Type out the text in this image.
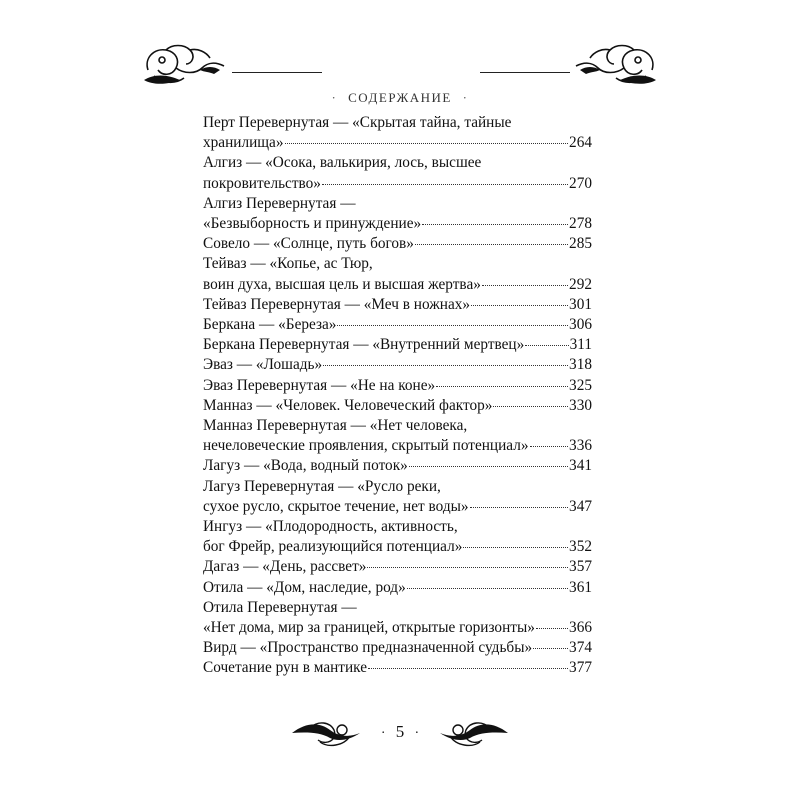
· СОДЕРЖАНИЕ ·
Перт Перевернутая — «Скрытая тайна, тайные
хранилища»	264
Алгиз — «Осока, валькирия, лось, высшее
покровительство»	270
Алгиз Перевернутая —
«Безвыборность и принуждение»	278
Совело — «Солнце, путь богов»	285
Тейваз — «Копье, ас Тюр,
воин духа, высшая цель и высшая жертва»	292
Тейваз Перевернутая — «Меч в ножнах»	301
Беркана — «Береза»	306
Беркана Перевернутая — «Внутренний мертвец»	311
Эваз — «Лошадь»	318
Эваз Перевернутая — «Не на коне»	325
Манназ — «Человек. Человеческий фактор»	330
Манназ Перевернутая — «Нет человека,
нечеловеческие проявления, скрытый потенциал»	336
Лагуз — «Вода, водный поток»	341
Лагуз Перевернутая — «Русло реки,
сухое русло, скрытое течение, нет воды»	347
Ингуз — «Плодородность, активность,
бог Фрейр, реализующийся потенциал»	352
Дагаз — «День, рассвет»	357
Отила — «Дом, наследие, род»	361
Отила Перевернутая —
«Нет дома, мир за границей, открытые горизонты» 366
Вирд — «Пространство предназначенной судьбы» 374
Сочетание рун в мантике	377
· 5 ·
